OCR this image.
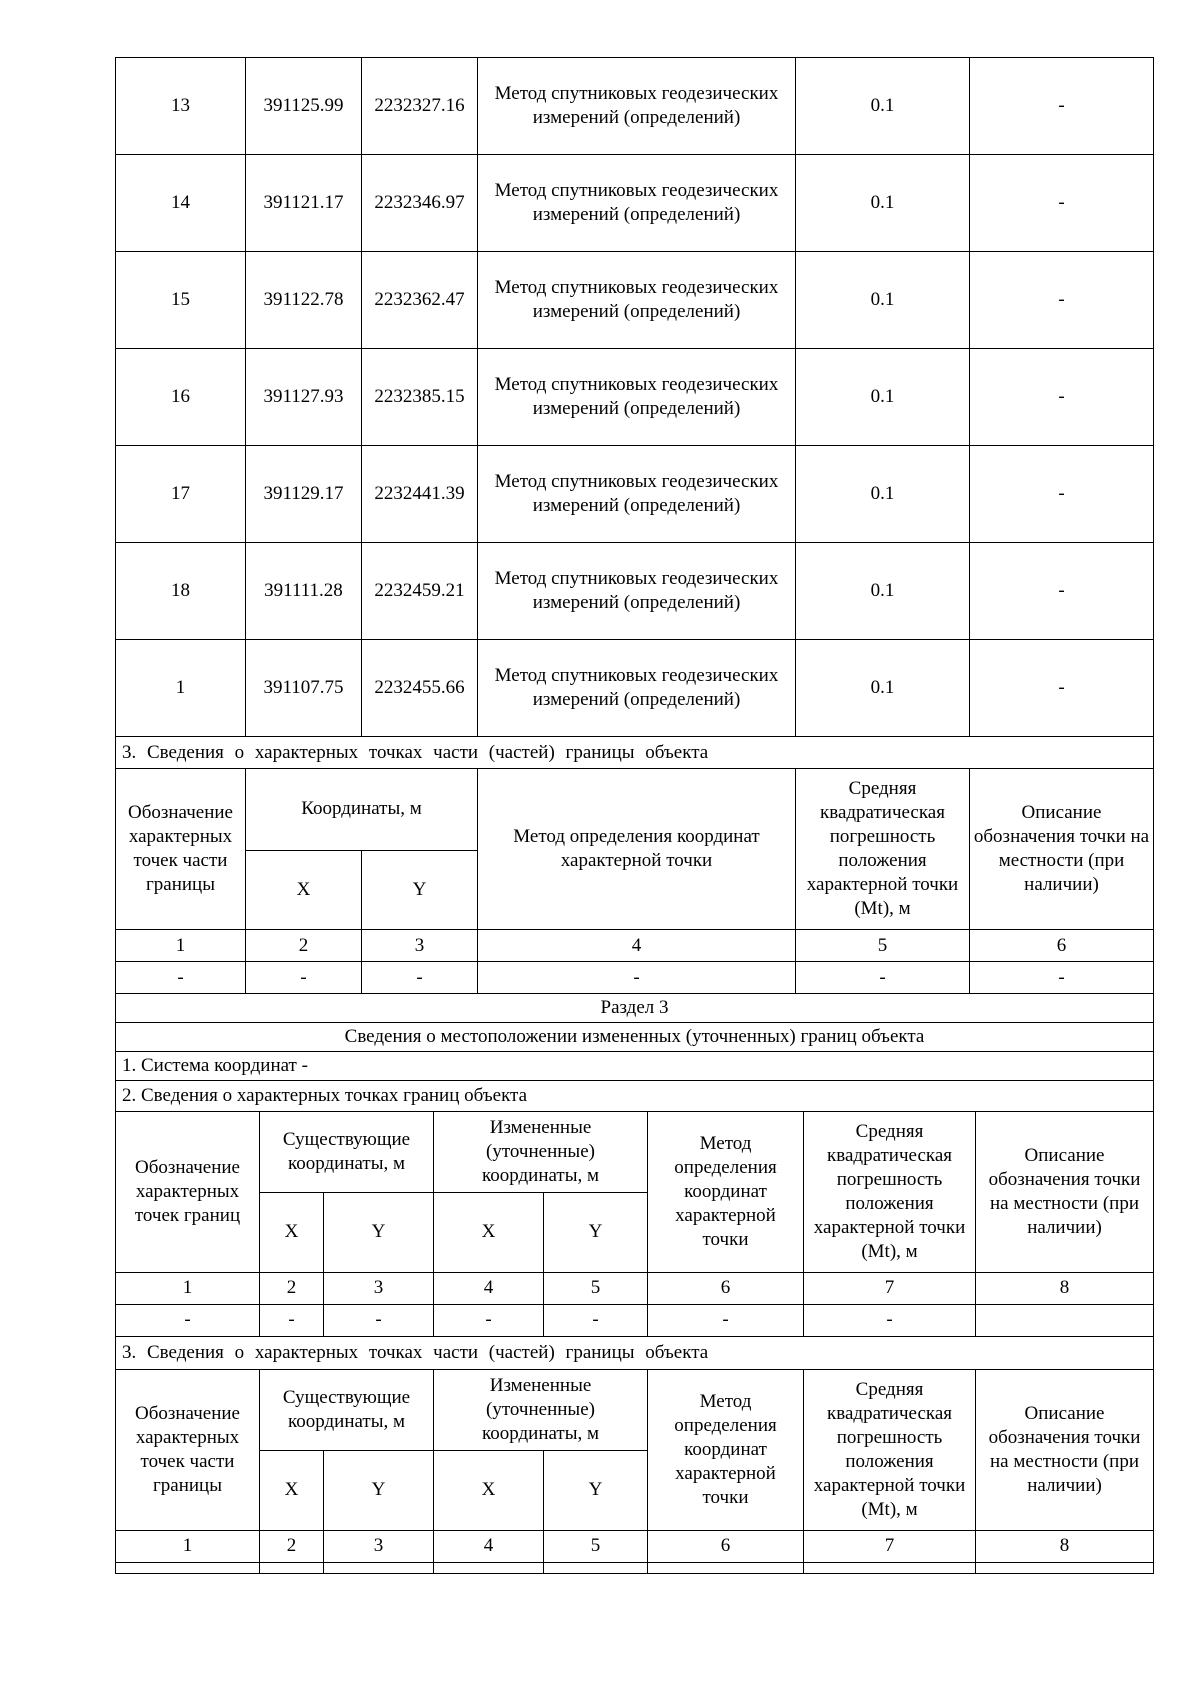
13	391125.99	2232327.16	Метод спутниковых геодезических измерений (определений)	0.1	-
14	391121.17	2232346.97	Метод спутниковых геодезических измерений (определений)	0.1	-
15	391122.78	2232362.47	Метод спутниковых геодезических измерений (определений)	0.1	-
16	391127.93	2232385.15	Метод спутниковых геодезических измерений (определений)	0.1	-
17	391129.17	2232441.39	Метод спутниковых геодезических измерений (определений)	0.1	-
18	391111.28	2232459.21	Метод спутниковых геодезических измерений (определений)	0.1	-
1	391107.75	2232455.66	Метод спутниковых геодезических измерений (определений)	0.1	-
3. Сведения о характерных точках части (частей) границы объекта					
Обозначение характерных точек части границы	Координаты, м		Метод определения координат характерной точки	Средняя квадратическая погрешность положения характерной точки (Mt), м	Описание обозначения точки на местности (при наличии)
	X	Y			
1	2	3	4	5	6
-	-	-	-	-	-
Раздел 3					
Сведения о местоположении измененных (уточненных) границ объекта					
1. Система координат -					
2. Сведения о характерных точках границ объекта					
Обозначение характерных точек границ	Существующие координаты, м		Измененные (уточненные) координаты, м		Метод определения координат характерной точки	Средняя квадратическая погрешность положения характерной точки (Mt), м	Описание обозначения точки на местности (при наличии)
	X	Y	X	Y			
1	2	3	4	5	6	7	8
-	-	-	-	-	-	-	
3. Сведения о характерных точках части (частей) границы объекта							
Обозначение характерных точек части границы	Существующие координаты, м		Измененные (уточненные) координаты, м		Метод определения координат характерной точки	Средняя квадратическая погрешность положения характерной точки (Mt), м	Описание обозначения точки на местности (при наличии)
	X	Y	X	Y			
1	2	3	4	5	6	7	8
